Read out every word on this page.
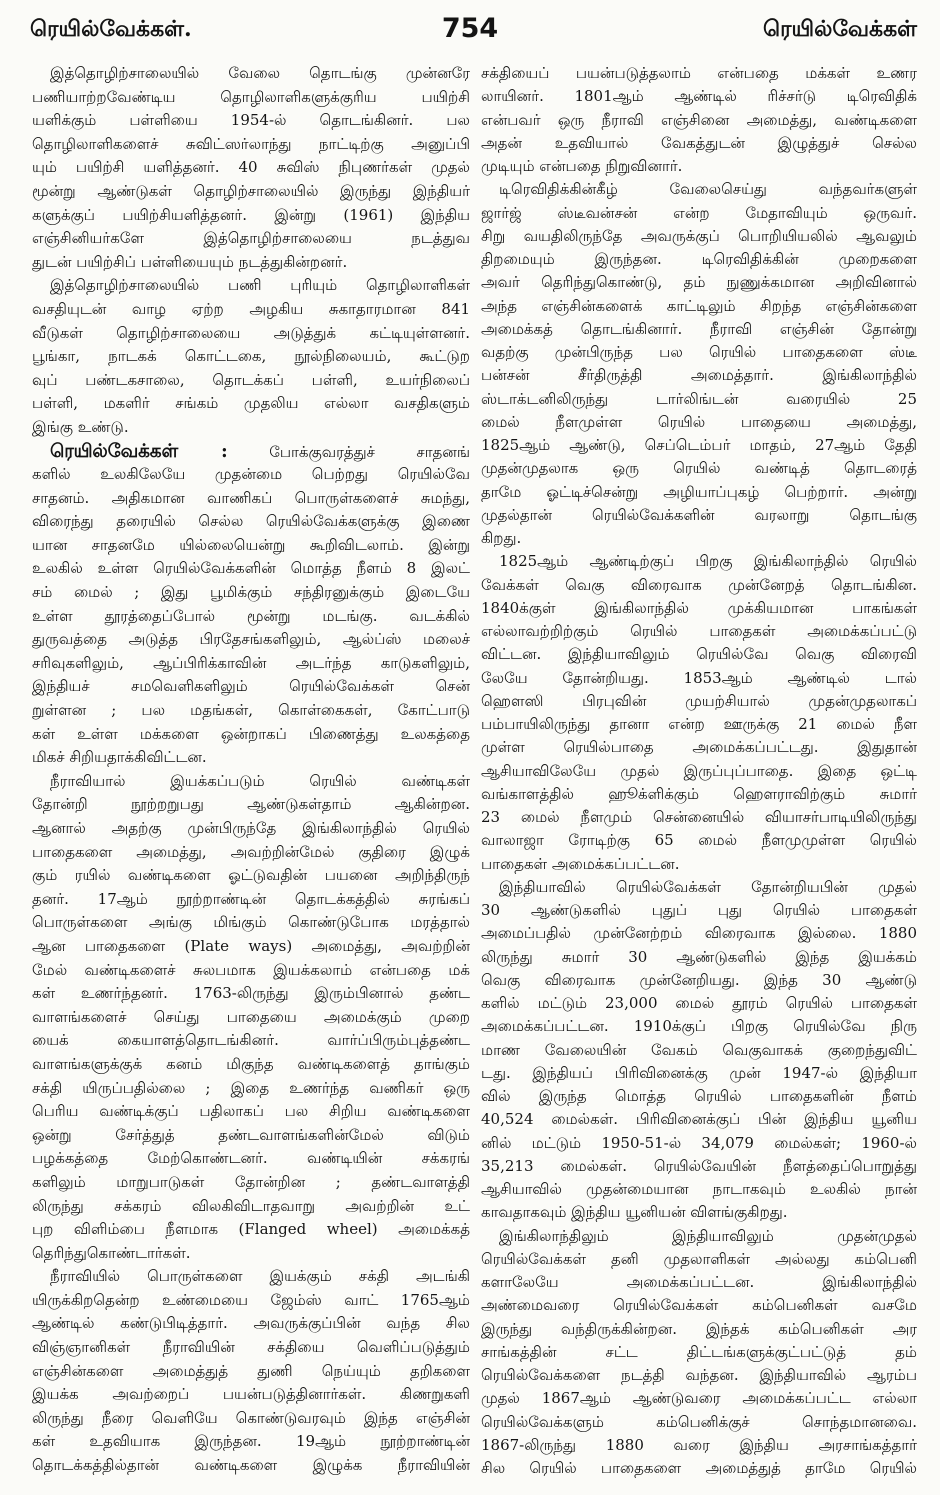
ரெயில்வேக்கள்.	754	ரெயில்வேக்கள்
இத்தொழிற்சாலையில் வேலை தொடங்கு முன்னரே
பணியாற்றவேண்டிய தொழிலாளிகளுக்குரிய பயிற்சி
யளிக்கும் பள்ளியை 1954-ல் தொடங்கினர். பல
தொழிலாளிகளைச் சுவிட்ஸர்லாந்து நாட்டிற்கு அனுப்பி
யும் பயிற்சி யளித்தனர். 40 சுவிஸ் நிபுணர்கள் முதல்
மூன்று ஆண்டுகள் தொழிற்சாலையில் இருந்து இந்தியர்
களுக்குப் பயிற்சியளித்தனர். இன்று (1961) இந்திய
எஞ்சினியர்களே இத்தொழிற்சாலையை நடத்துவ
துடன் பயிற்சிப் பள்ளியையும் நடத்துகின்றனர்.
இத்தொழிற்சாலையில் பணி புரியும் தொழிலாளிகள்
வசதியுடன் வாழ ஏற்ற அழகிய சுகாதாரமான 841
வீடுகள் தொழிற்சாலையை அடுத்துக் கட்டியுள்ளனர்.
பூங்கா, நாடகக் கொட்டகை, நூல்நிலையம், கூட்டுற
வுப் பண்டகசாலை, தொடக்கப் பள்ளி, உயர்நிலைப்
பள்ளி, மகளிர் சங்கம் முதலிய எல்லா வசதிகளும்
இங்கு உண்டு.
ரெயில்வேக்கள் :	போக்குவரத்துச் சாதனங்
களில் உலகிலேயே முதன்மை பெற்றது ரெயில்வே
சாதனம். அதிகமான வாணிகப் பொருள்களைச் சுமந்து,
விரைந்து தரையில் செல்ல ரெயில்வேக்களுக்கு இணை
யான சாதனமே யில்லையென்று கூறிவிடலாம். இன்று
உலகில் உள்ள ரெயில்வேக்களின் மொத்த நீளம் 8 இலட்
சம் மைல் ; இது பூமிக்கும் சந்திரனுக்கும் இடையே
உள்ள தூரத்தைப்போல் மூன்று மடங்கு. வடக்கில்
துருவத்தை அடுத்த பிரதேசங்களிலும், ஆல்ப்ஸ் மலைச்
சரிவுகளிலும், ஆப்பிரிக்காவின் அடர்ந்த காடுகளிலும்,
இந்தியச் சமவெளிகளிலும் ரெயில்வேக்கள் சென்
றுள்ளன ; பல மதங்கள், கொள்கைகள், கோட்பாடு
கள் உள்ள மக்களை ஒன்றாகப் பிணைத்து உலகத்தை
மிகச் சிறியதாக்கிவிட்டன.
நீராவியால் இயக்கப்படும் ரெயில் வண்டிகள்
தோன்றி நூற்றறுபது ஆண்டுகள்தாம் ஆகின்றன.
ஆனால் அதற்கு முன்பிருந்தே இங்கிலாந்தில் ரெயில்
பாதைகளை அமைத்து, அவற்றின்மேல் குதிரை இழுக்
கும் ரயில் வண்டிகளை ஓட்டுவதின் பயனை அறிந்திருந்
தனர். 17ஆம் நூற்றாண்டின் தொடக்கத்தில் சுரங்கப்
பொருள்களை அங்கு மிங்கும் கொண்டுபோக மரத்தால்
ஆன பாதைகளை (Plate ways) அமைத்து, அவற்றின்
மேல் வண்டிகளைச் சுலபமாக இயக்கலாம் என்பதை மக்
கள் உணர்ந்தனர். 1763-லிருந்து இரும்பினால் தண்ட
வாளங்களைச் செய்து பாதையை அமைக்கும் முறை
யைக் கையாளத்தொடங்கினர். வார்ப்பிரும்புத்தண்ட
வாளங்களுக்குக் கனம் மிகுந்த வண்டிகளைத் தாங்கும்
சக்தி யிருப்பதில்லை ; இதை உணர்ந்த வணிகர் ஒரு
பெரிய வண்டிக்குப் பதிலாகப் பல சிறிய வண்டிகளை
ஒன்று சேர்த்துத் தண்டவாளங்களின்மேல் விடும்
பழக்கத்தை மேற்கொண்டனர். வண்டியின் சக்கரங்
களிலும் மாறுபாடுகள் தோன்றின ; தண்டவாளத்தி
லிருந்து சக்கரம் விலகிவிடாதவாறு அவற்றின் உட்
புற விளிம்பை நீளமாக (Flanged wheel) அமைக்கத்
தெரிந்துகொண்டார்கள்.
நீராவியில் பொருள்களை இயக்கும் சக்தி அடங்கி
யிருக்கிறதென்ற உண்மையை ஜேம்ஸ் வாட் 1765ஆம்
ஆண்டில் கண்டுபிடித்தார். அவருக்குப்பின் வந்த சில
விஞ்ஞானிகள் நீராவியின் சக்தியை வெளிப்படுத்தும்
எஞ்சின்களை அமைத்துத் துணி நெய்யும் தறிகளை
இயக்க அவற்றைப் பயன்படுத்தினார்கள். கிணறுகளி
லிருந்து நீரை வெளியே கொண்டுவரவும் இந்த எஞ்சின்
கள் உதவியாக இருந்தன. 19ஆம் நூற்றாண்டின்
தொடக்கத்தில்தான் வண்டிகளை இழுக்க நீராவியின்
சக்தியைப் பயன்படுத்தலாம் என்பதை மக்கள் உணர
லாயினர். 1801ஆம் ஆண்டில் ரிச்சர்டு டிரெவிதிக்
என்பவர் ஒரு நீராவி எஞ்சினை அமைத்து, வண்டிகளை
அதன் உதவியால் வேகத்துடன் இழுத்துச் செல்ல
முடியும் என்பதை நிறுவினார்.
டிரெவிதிக்கின்கீழ் வேலைசெய்து வந்தவர்களுள்
ஜார்ஜ் ஸ்டீவன்சன் என்ற மேதாவியும் ஒருவர்.
சிறு வயதிலிருந்தே அவருக்குப் பொறியியலில் ஆவலும்
திறமையும் இருந்தன. டிரெவிதிக்கின் முறைகளை
அவர் தெரிந்துகொண்டு, தம் நுணுக்கமான அறிவினால்
அந்த எஞ்சின்களைக் காட்டிலும் சிறந்த எஞ்சின்களை
அமைக்கத் தொடங்கினார். நீராவி எஞ்சின் தோன்று
வதற்கு முன்பிருந்த பல ரெயில் பாதைகளை ஸ்டீ
பன்சன் சீர்திருத்தி அமைத்தார். இங்கிலாந்தில்
ஸ்டாக்டனிலிருந்து டார்லிங்டன் வரையில் 25
மைல் நீளமுள்ள ரெயில் பாதையை அமைத்து,
1825ஆம் ஆண்டு, செப்டெம்பர் மாதம், 27ஆம் தேதி
முதன்முதலாக ஒரு ரெயில் வண்டித் தொடரைத்
தாமே ஓட்டிச்சென்று அழியாப்புகழ் பெற்றார். அன்று
முதல்தான் ரெயில்வேக்களின் வரலாறு தொடங்கு
கிறது.
1825ஆம் ஆண்டிற்குப் பிறகு இங்கிலாந்தில் ரெயில்
வேக்கள் வெகு விரைவாக முன்னேறத் தொடங்கின.
1840க்குள் இங்கிலாந்தில் முக்கியமான பாகங்கள்
எல்லாவற்றிற்கும் ரெயில் பாதைகள் அமைக்கப்பட்டு
விட்டன. இந்தியாவிலும் ரெயில்வே வெகு விரைவி
லேயே தோன்றியது. 1853ஆம் ஆண்டில் டால்
ஹௌஸி பிரபுவின் முயற்சியால் முதன்முதலாகப்
பம்பாயிலிருந்து தானா என்ற ஊருக்கு 21 மைல் நீள
முள்ள ரெயில்பாதை அமைக்கப்பட்டது. இதுதான்
ஆசியாவிலேயே முதல் இருப்புப்பாதை. இதை ஒட்டி
வங்காளத்தில் ஹூக்ளிக்கும் ஹௌராவிற்கும் சுமார்
23 மைல் நீளமும் சென்னையில் வியாசர்பாடியிலிருந்து
வாலாஜா ரோடிற்கு 65 மைல் நீளமுமுள்ள ரெயில்
பாதைகள் அமைக்கப்பட்டன.
இந்தியாவில் ரெயில்வேக்கள் தோன்றியபின் முதல்
30 ஆண்டுகளில் புதுப் புது ரெயில் பாதைகள்
அமைப்பதில் முன்னேற்றம் விரைவாக இல்லை. 1880
லிருந்து சுமார் 30 ஆண்டுகளில் இந்த இயக்கம்
வெகு விரைவாக முன்னேறியது. இந்த 30 ஆண்டு
களில் மட்டும் 23,000 மைல் தூரம் ரெயில் பாதைகள்
அமைக்கப்பட்டன. 1910க்குப் பிறகு ரெயில்வே நிரு
மாண வேலையின் வேகம் வெகுவாகக் குறைந்துவிட்
டது. இந்தியப் பிரிவினைக்கு முன் 1947-ல் இந்தியா
வில் இருந்த மொத்த ரெயில் பாதைகளின் நீளம்
40,524 மைல்கள். பிரிவினைக்குப் பின் இந்திய யூனிய
னில் மட்டும் 1950-51-ல் 34,079 மைல்கள்; 1960-ல்
35,213 மைல்கள். ரெயில்வேயின் நீளத்தைப்பொறுத்து
ஆசியாவில் முதன்மையான நாடாகவும் உலகில் நான்
காவதாகவும் இந்திய யூனியன் விளங்குகிறது.
இங்கிலாந்திலும் இந்தியாவிலும் முதன்முதல்
ரெயில்வேக்கள் தனி முதலாளிகள் அல்லது கம்பெனி
களாலேயே அமைக்கப்பட்டன. இங்கிலாந்தில்
அண்மைவரை ரெயில்வேக்கள் கம்பெனிகள் வசமே
இருந்து வந்திருக்கின்றன. இந்தக் கம்பெனிகள் அர
சாங்கத்தின் சட்ட திட்டங்களுக்குட்பட்டுத் தம்
ரெயில்வேக்களை நடத்தி வந்தன. இந்தியாவில் ஆரம்ப
முதல் 1867ஆம் ஆண்டுவரை அமைக்கப்பட்ட எல்லா
ரெயில்வேக்களும் கம்பெனிக்குச் சொந்தமானவை.
1867-லிருந்து 1880 வரை இந்திய அரசாங்கத்தார்
சில ரெயில் பாதைகளை அமைத்துத் தாமே ரெயில்
